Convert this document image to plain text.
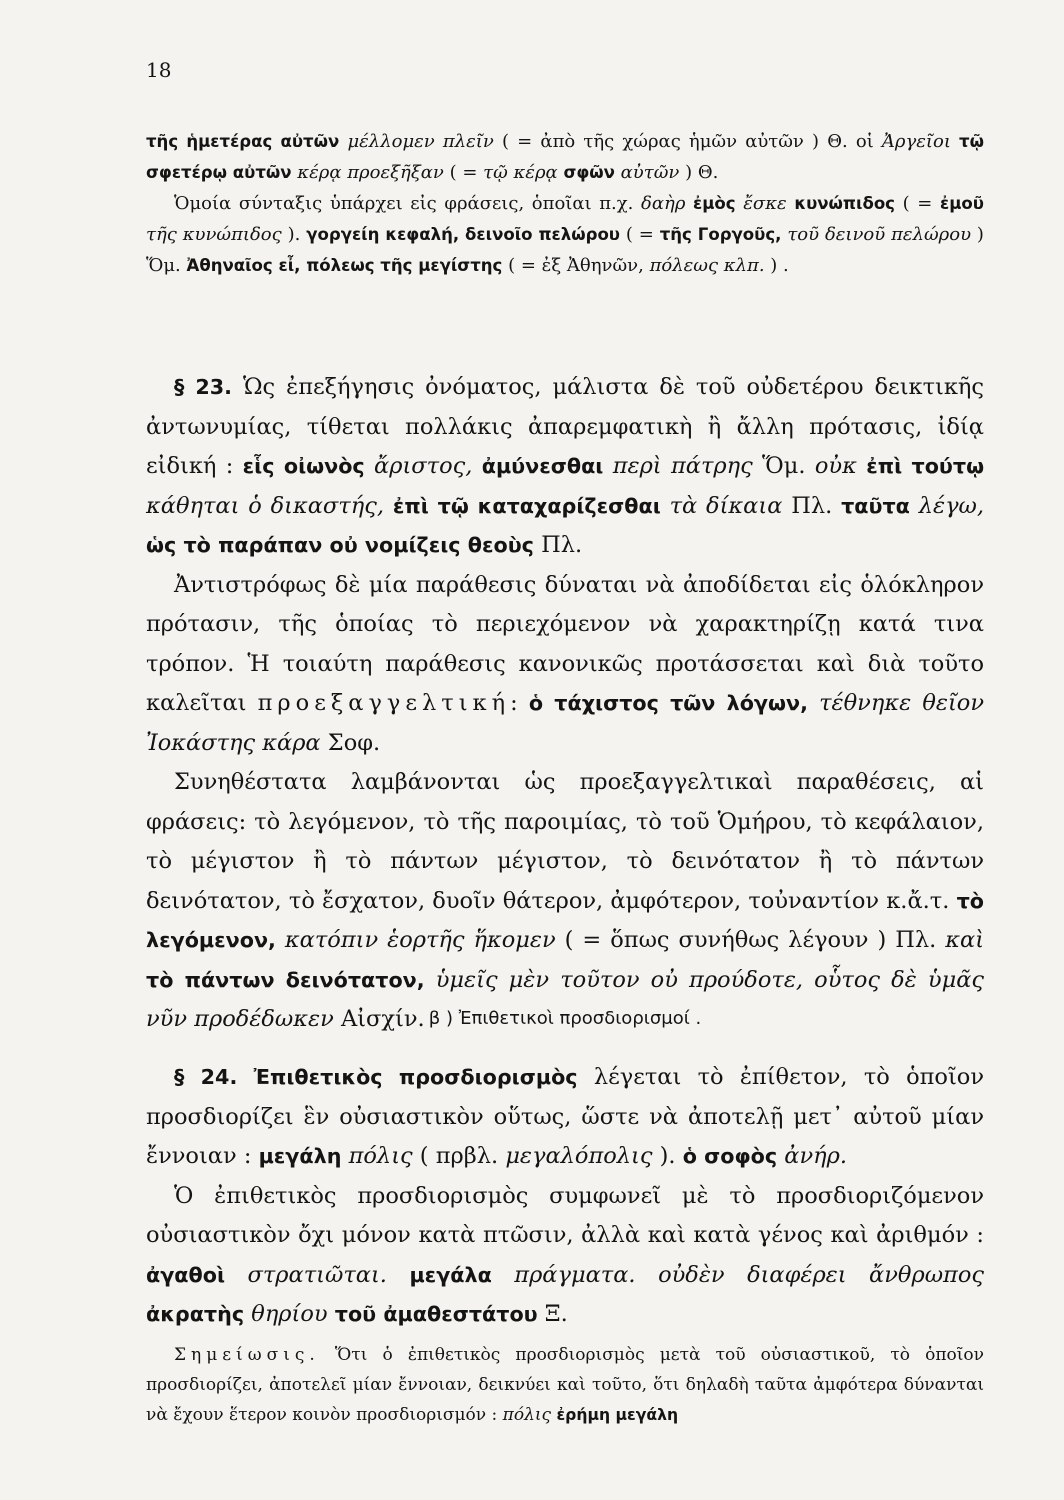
18

τῆς ἡμετέρας αὐτῶν μέλλομεν πλεῖν ( = ἀπὸ τῆς χώρας ἡμῶν αὐτῶν ) Θ. οἱ Ἀργεῖοι τῷ σφετέρῳ αὐτῶν κέρᾳ προεξῆξαν ( = τῷ κέρᾳ σφῶν αὐτῶν ) Θ.

Ὁμοία σύνταξις ὑπάρχει εἰς φράσεις, ὁποῖαι π.χ. δαὴρ ἐμὸς ἔσκε κυνώπιδος ( = ἐμοῦ τῆς κυνώπιδος ). γοργείη κεφαλή, δεινοῖο πελώρου ( = τῆς Γοργοῦς, τοῦ δεινοῦ πελώρου ) Ὅμ. Ἀθηναῖος εἶ, πόλεως τῆς μεγίστης ( = ἐξ Ἀθηνῶν, πόλεως κλπ. ) .

§ 23. Ὡς ἐπεξήγησις ὀνόματος, μάλιστα δὲ τοῦ οὐδετέρου δεικτικῆς ἀντωνυμίας, τίθεται πολλάκις ἀπαρεμφατικὴ ἢ ἄλλη πρότασις, ἰδίᾳ εἰδική : εἷς οἰωνὸς ἄριστος, ἀμύνεσθαι περὶ πάτρης Ὅμ. οὐκ ἐπὶ τούτῳ κάθηται ὁ δικαστής, ἐπὶ τῷ καταχαρίζεσθαι τὰ δίκαια Πλ. ταῦτα λέγω, ὡς τὸ παράπαν οὐ νομίζεις θεοὺς Πλ.

Ἀντιστρόφως δὲ μία παράθεσις δύναται νὰ ἀποδίδεται εἰς ὁλόκληρον πρότασιν, τῆς ὁποίας τὸ περιεχόμενον νὰ χαρακτηρίζῃ κατά τινα τρόπον. Ἡ τοιαύτη παράθεσις κανονικῶς προτάσσεται καὶ διὰ τοῦτο καλεῖται προεξαγγελτική: ὁ τάχιστος τῶν λόγων, τέθνηκε θεῖον Ἰοκάστης κάρα Σοφ.

Συνηθέστατα λαμβάνονται ὡς προεξαγγελτικαὶ παραθέσεις, αἱ φράσεις: τὸ λεγόμενον, τὸ τῆς παροιμίας, τὸ τοῦ Ὁμήρου, τὸ κεφάλαιον, τὸ μέγιστον ἢ τὸ πάντων μέγιστον, τὸ δεινότατον ἢ τὸ πάντων δεινότατον, τὸ ἔσχατον, δυοῖν θάτερον, ἀμφότερον, τοὐναντίον κ.ἄ.τ. τὸ λεγόμενον, κατόπιν ἑορτῆς ἥκομεν ( = ὅπως συνήθως λέγουν ) Πλ. καὶ τὸ πάντων δεινότατον, ὑμεῖς μὲν τοῦτον οὐ προύδοτε, οὗτος δὲ ὑμᾶς νῦν προδέδωκεν Αἰσχίν. β ) Ἐπιθετικοὶ προσδιορισμοί .

§ 24. Ἐπιθετικὸς προσδιορισμὸς λέγεται τὸ ἐπίθετον, τὸ ὁποῖον προσδιορίζει ἓν οὐσιαστικὸν οὕτως, ὥστε νὰ ἀποτελῇ μετ᾽ αὐτοῦ μίαν ἔννοιαν : μεγάλη πόλις ( πρβλ. μεγαλόπολις ). ὁ σοφὸς ἀνήρ.

Ὁ ἐπιθετικὸς προσδιορισμὸς συμφωνεῖ μὲ τὸ προσδιοριζόμενον οὐσιαστικὸν ὄχι μόνον κατὰ πτῶσιν, ἀλλὰ καὶ κατὰ γένος καὶ ἀριθμόν : ἀγαθοὶ στρατιῶται. μεγάλα πράγματα. οὐδὲν διαφέρει ἄνθρωπος ἀκρατὴς θηρίου τοῦ ἀμαθεστάτου Ξ.

Σημείωσις. Ὅτι ὁ ἐπιθετικὸς προσδιορισμὸς μετὰ τοῦ οὐσιαστικοῦ, τὸ ὁποῖον προσδιορίζει, ἀποτελεῖ μίαν ἔννοιαν, δεικνύει καὶ τοῦτο, ὅτι δηλαδὴ ταῦτα ἀμφότερα δύνανται νὰ ἔχουν ἕτερον κοινὸν προσδιορισμόν : πόλις ἐρήμη μεγάλη
